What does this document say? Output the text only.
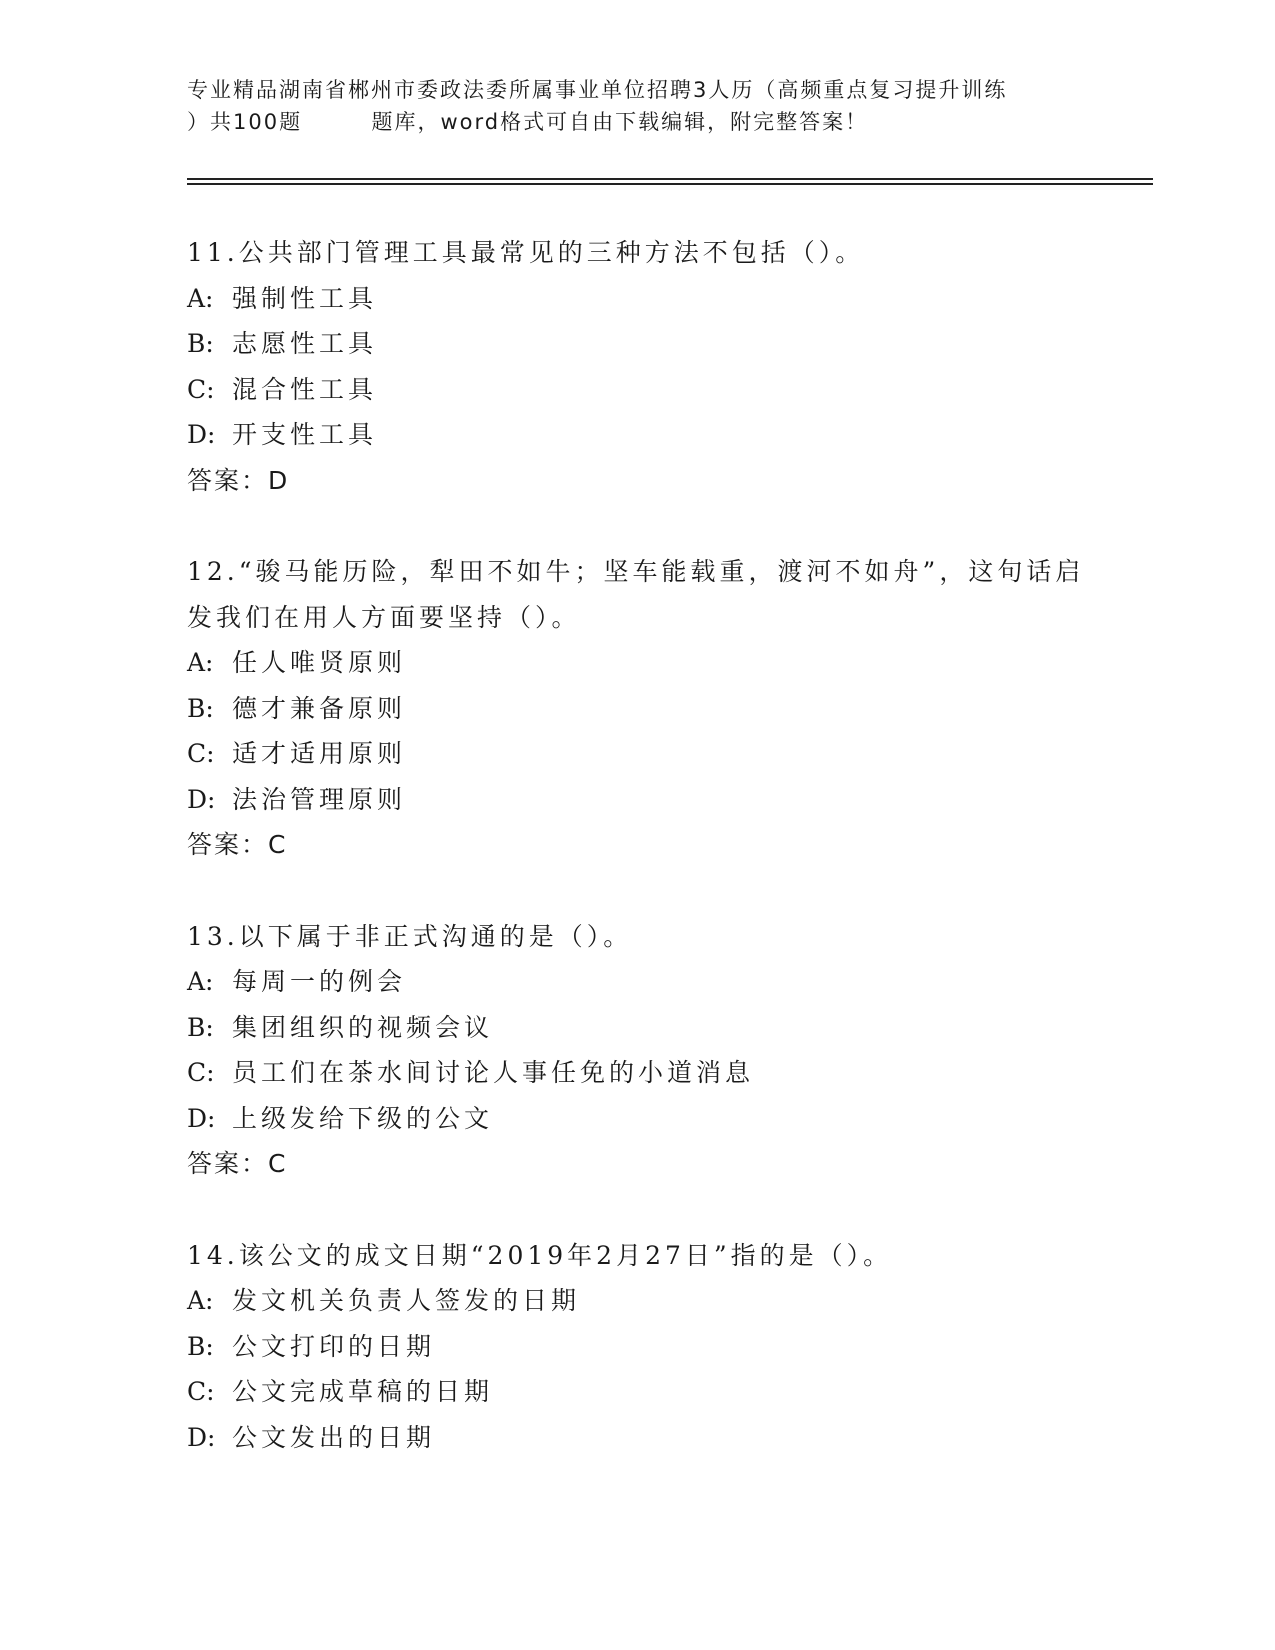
专业精品湖南省郴州市委政法委所属事业单位招聘3人历（高频重点复习提升训练
）共100题        题库，word格式可自由下载编辑，附完整答案！

11.公共部门管理工具最常见的三种方法不包括（）。

A: 强制性工具

B: 志愿性工具

C: 混合性工具

D: 开支性工具

答案：D

12.“骏马能历险，犁田不如牛；坚车能载重，渡河不如舟”，这句话启发我们在用人方面要坚持（）。

A: 任人唯贤原则

B: 德才兼备原则

C: 适才适用原则

D: 法治管理原则

答案：C

13.以下属于非正式沟通的是（）。

A: 每周一的例会

B: 集团组织的视频会议

C: 员工们在茶水间讨论人事任免的小道消息

D: 上级发给下级的公文

答案：C

14.该公文的成文日期“2019年2月27日”指的是（）。

A: 发文机关负责人签发的日期

B: 公文打印的日期

C: 公文完成草稿的日期

D: 公文发出的日期
